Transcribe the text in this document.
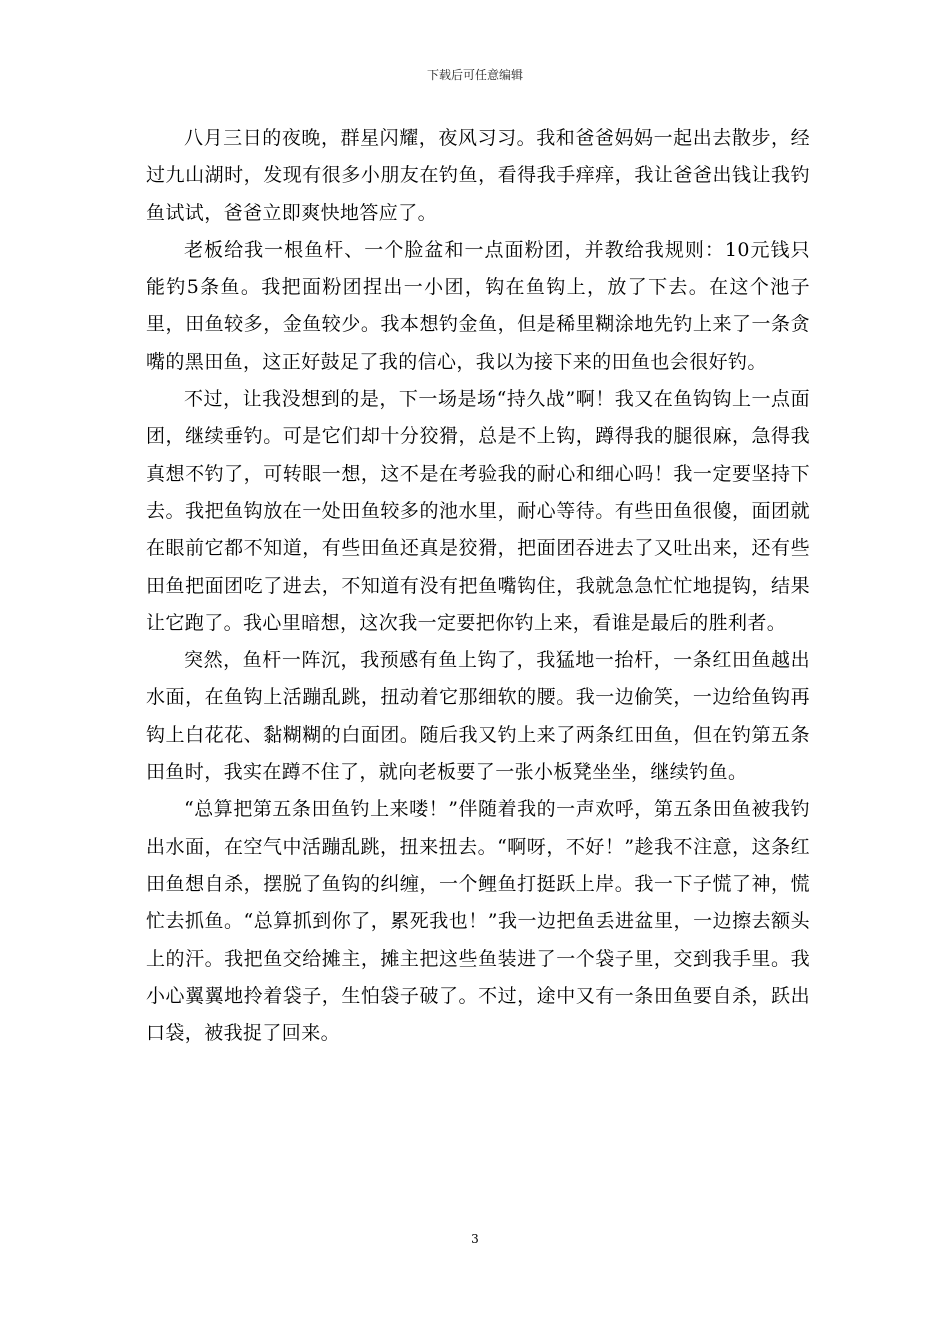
下载后可任意编辑

八月三日的夜晚，群星闪耀，夜风习习。我和爸爸妈妈一起出去散步，经过九山湖时，发现有很多小朋友在钓鱼，看得我手痒痒，我让爸爸出钱让我钓鱼试试，爸爸立即爽快地答应了。

老板给我一根鱼杆、一个脸盆和一点面粉团，并教给我规则：10元钱只能钓5条鱼。我把面粉团捏出一小团，钩在鱼钩上，放了下去。在这个池子里，田鱼较多，金鱼较少。我本想钓金鱼，但是稀里糊涂地先钓上来了一条贪嘴的黑田鱼，这正好鼓足了我的信心，我以为接下来的田鱼也会很好钓。

不过，让我没想到的是，下一场是场“持久战”啊！我又在鱼钩钩上一点面团，继续垂钓。可是它们却十分狡猾，总是不上钩，蹲得我的腿很麻，急得我真想不钓了，可转眼一想，这不是在考验我的耐心和细心吗！我一定要坚持下去。我把鱼钩放在一处田鱼较多的池水里，耐心等待。有些田鱼很傻，面团就在眼前它都不知道，有些田鱼还真是狡猾，把面团吞进去了又吐出来，还有些田鱼把面团吃了进去，不知道有没有把鱼嘴钩住，我就急急忙忙地提钩，结果让它跑了。我心里暗想，这次我一定要把你钓上来，看谁是最后的胜利者。

突然，鱼杆一阵沉，我预感有鱼上钩了，我猛地一抬杆，一条红田鱼越出水面，在鱼钩上活蹦乱跳，扭动着它那细软的腰。我一边偷笑，一边给鱼钩再钩上白花花、黏糊糊的白面团。随后我又钓上来了两条红田鱼，但在钓第五条田鱼时，我实在蹲不住了，就向老板要了一张小板凳坐坐，继续钓鱼。

“总算把第五条田鱼钓上来喽！”伴随着我的一声欢呼，第五条田鱼被我钓出水面，在空气中活蹦乱跳，扭来扭去。“啊呀，不好！”趁我不注意，这条红田鱼想自杀，摆脱了鱼钩的纠缠，一个鲤鱼打挺跃上岸。我一下子慌了神，慌忙去抓鱼。“总算抓到你了，累死我也！”我一边把鱼丢进盆里，一边擦去额头上的汗。我把鱼交给摊主，摊主把这些鱼装进了一个袋子里，交到我手里。我小心翼翼地拎着袋子，生怕袋子破了。不过，途中又有一条田鱼要自杀，跃出口袋，被我捉了回来。

3
